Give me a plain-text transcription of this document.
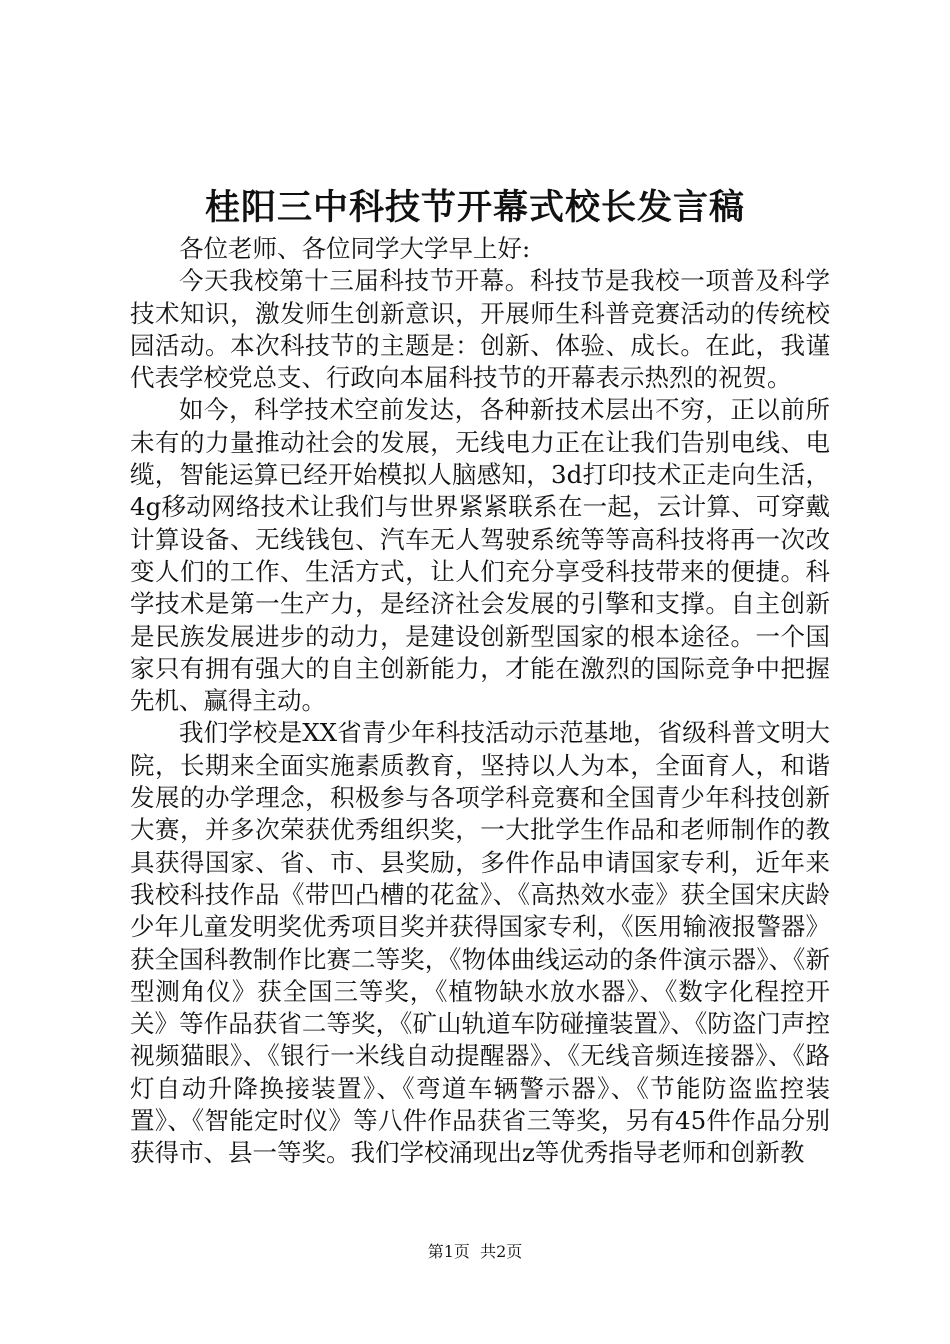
桂阳三中科技节开幕式校长发言稿

各位老师、各位同学大学早上好:

今天我校第十三届科技节开幕。科技节是我校一项普及科学技术知识，激发师生创新意识，开展师生科普竞赛活动的传统校园活动。本次科技节的主题是：创新、体验、成长。在此，我谨代表学校党总支、行政向本届科技节的开幕表示热烈的祝贺。

如今，科学技术空前发达，各种新技术层出不穷，正以前所未有的力量推动社会的发展，无线电力正在让我们告别电线、电缆，智能运算已经开始模拟人脑感知，3d打印技术正走向生活，4g移动网络技术让我们与世界紧紧联系在一起，云计算、可穿戴计算设备、无线钱包、汽车无人驾驶系统等等高科技将再一次改变人们的工作、生活方式，让人们充分享受科技带来的便捷。科学技术是第一生产力，是经济社会发展的引擎和支撑。自主创新是民族发展进步的动力，是建设创新型国家的根本途径。一个国家只有拥有强大的自主创新能力，才能在激烈的国际竞争中把握先机、赢得主动。

我们学校是XX省青少年科技活动示范基地，省级科普文明大院，长期来全面实施素质教育，坚持以人为本，全面育人，和谐发展的办学理念，积极参与各项学科竞赛和全国青少年科技创新大赛，并多次荣获优秀组织奖，一大批学生作品和老师制作的教具获得国家、省、市、县奖励，多件作品申请国家专利，近年来我校科技作品《带凹凸槽的花盆》、《高热效水壶》获全国宋庆龄少年儿童发明奖优秀项目奖并获得国家专利，《医用输液报警器》获全国科教制作比赛二等奖，《物体曲线运动的条件演示器》、《新型测角仪》获全国三等奖，《植物缺水放水器》、《数字化程控开关》等作品获省二等奖，《矿山轨道车防碰撞装置》、《防盗门声控视频猫眼》、《银行一米线自动提醒器》、《无线音频连接器》、《路灯自动升降换接装置》、《弯道车辆警示器》、《节能防盗监控装置》、《智能定时仪》等八件作品获省三等奖，另有45件作品分别获得市、县一等奖。我们学校涌现出z等优秀指导老师和创新教

第1页 共2页
